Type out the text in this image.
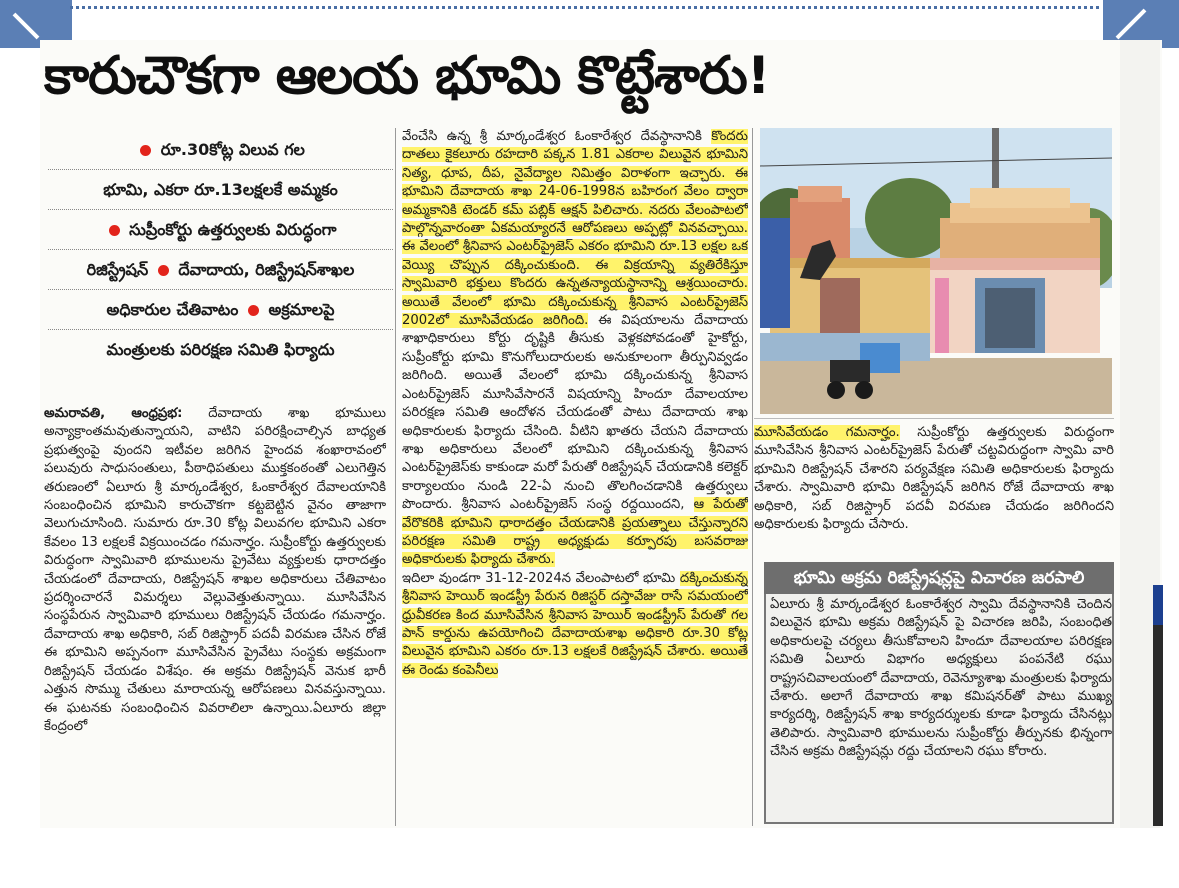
కారుచౌకగా ఆలయ భూమి కొట్టేశారు!
రూ.30కోట్ల విలువ గల
భూమి, ఎకరా రూ.13లక్షలకే అమ్మకం
సుప్రీంకోర్టు ఉత్తర్వులకు విరుద్ధంగా
రిజిస్ట్రేషన్ దేవాదాయ, రిజిస్ట్రేషన్‌శాఖల
అధికారుల చేతివాటం అక్రమాలపై
మంత్రులకు పరిరక్షణ సమితి ఫిర్యాదు

అమరావతి, ఆంధ్రప్రభ: దేవాదాయ శాఖ భూములు అన్యాక్రాంతమవుతున్నాయని, వాటిని పరిరక్షించాల్సిన బాధ్యత ప్రభుత్వంపై వుందని ఇటీవల జరిగిన హైందవ శంఖారావంలో పలువురు సాధుసంతులు, పీఠాధిపతులు ముక్తకంఠంతో ఎలుగెత్తిన తరుణంలో ఏలూరు శ్రీ మార్కండేశ్వర, ఓంకారేశ్వర దేవాలయానికి సంబంధించిన భూమిని కారుచౌకగా కట్టబెట్టిన వైనం తాజాగా వెలుగుచూసింది. సుమారు రూ.30 కోట్ల విలువగల భూమిని ఎకరా కేవలం 13 లక్షలకే విక్రయించడం గమనార్హం. సుప్రీంకోర్టు ఉత్తర్వులకు విరుద్ధంగా స్వామివారి భూములను ప్రైవేటు వ్యక్తులకు ధారాదత్తం చేయడంలో దేవాదాయ, రిజిస్ట్రేషన్ శాఖల అధికారులు చేతివాటం ప్రదర్శించారనే విమర్శలు వెల్లువెత్తుతున్నాయి. మూసివేసిన సంస్థపేరున స్వామివారి భూములు రిజిస్ట్రేషన్ చేయడం గమనార్హం. దేవాదాయ శాఖ అధికారి, సబ్ రిజిస్ట్రార్ పదవీ విరమణ చేసిన రోజే ఈ భూమిని అప్పనంగా మూసివేసిన ప్రైవేటు సంస్థకు అక్రమంగా రిజిస్ట్రేషన్ చేయడం విశేషం. ఈ అక్రమ రిజిస్ట్రేషన్ వెనుక భారీ ఎత్తున సొమ్ము చేతులు మారాయన్న ఆరోపణలు వినవస్తున్నాయి. ఈ ఘటనకు సంబంధించిన వివరాలిలా ఉన్నాయి.ఏలూరు జిల్లా కేంద్రంలో

వేంచేసి ఉన్న శ్రీ మార్కండేశ్వర ఓంకారేశ్వర దేవస్థానానికి కొందరు దాతలు కైకలూరు రహదారి పక్కన 1.81 ఎకరాల విలువైన భూమిని నిత్య, ధూప, దీప, నైవేద్యాల నిమిత్తం విరాళంగా ఇచ్చారు. ఈ భూమిని దేవాదాయ శాఖ 24-06-1998న బహిరంగ వేలం ద్వారా అమ్మకానికి టెండర్ కమ్ పబ్లిక్ ఆక్షన్ పిలిచారు. నదరు వేలంపాటలో పాల్గొన్నవారంతా ఏకమయ్యారనే ఆరోపణలు అప్పట్లో వినవచ్చాయి. ఈ వేలంలో శ్రీనివాస ఎంటర్‌ప్రైజెస్ ఎకరం భూమిని రూ.13 లక్షల ఒక వెయ్యి చొప్పున దక్కించుకుంది. ఈ విక్రయాన్ని వ్యతిరేకిస్తూ స్వామివారి భక్తులు కొందరు ఉన్నతన్యాయస్థానాన్ని ఆశ్రయించారు. అయితే వేలంలో భూమి దక్కించుకున్న శ్రీనివాస ఎంటర్‌ప్రైజెస్ 2002లో మూసివేయడం జరిగింది. ఈ విషయాలను దేవాదాయ శాఖాధికారులు కోర్టు దృష్టికి తీసుకు వెళ్లకపోవడంతో హైకోర్టు, సుప్రీంకోర్టు భూమి కొనుగోలుదారులకు అనుకూలంగా తీర్పునివ్వడం జరిగింది. అయితే వేలంలో భూమి దక్కించుకున్న శ్రీనివాస ఎంటర్‌ప్రైజెస్ మూసివేసారనే విషయాన్ని హిందూ దేవాలయాల పరిరక్షణ సమితి ఆందోళన చేయడంతో పాటు దేవాదాయ శాఖ అధికారులకు ఫిర్యాదు చేసింది. వీటిని ఖాతరు చేయని దేవాదాయ శాఖ అధికారులు వేలంలో భూమిని దక్కించుకున్న శ్రీనివాస ఎంటర్‌ప్రైజెస్‌కు కాకుండా మరో పేరుతో రిజిస్ట్రేషన్ చేయడానికి కలెక్టర్ కార్యాలయం నుండి 22-ఏ నుంచి తొలగించడానికి ఉత్తర్వులు పొందారు. శ్రీనివాస ఎంటర్‌ప్రైజెస్ సంస్థ రద్దయిందని, ఆ పేరుతో వేరొకరికి భూమిని ధారాదత్తం చేయడానికి ప్రయత్నాలు చేస్తున్నారని పరిరక్షణ సమితి రాష్ట్ర అధ్యక్షుడు కర్పూరపు బసవరాజు అధికారులకు ఫిర్యాదు చేశారు.

ఇదిలా వుండగా 31-12-2024న వేలంపాటలో భూమి దక్కించుకున్న శ్రీనివాస హెయిర్ ఇండస్ట్రీ పేరున రిజిస్టర్ దస్తావేజు రాసే సమయంలో ధ్రువీకరణ కింద మూసివేసిన శ్రీనివాస హెయిర్ ఇండస్ట్రీస్ పేరుతో గల పాన్ కార్డును ఉపయోగించి దేవాదాయశాఖ అధికారి రూ.30 కోట్ల విలువైన భూమిని ఎకరం రూ.13 లక్షలకే రిజిస్ట్రేషన్ చేశారు. అయితే ఈ రెండు కంపెనీలు

మూసివేయడం గమనార్హం. సుప్రీంకోర్టు ఉత్తర్వులకు విరుద్ధంగా మూసివేసిన శ్రీనివాస ఎంటర్‌ప్రైజెస్ పేరుతో చట్టవిరుద్ధంగా స్వామి వారి భూమిని రిజిస్ట్రేషన్ చేశారని పర్యవేక్షణ సమితి అధికారులకు ఫిర్యాదు చేశారు. స్వామివారి భూమి రిజిస్ట్రేషన్ జరిగిన రోజే దేవాదాయ శాఖ అధికారి, సబ్ రిజిస్ట్రార్ పదవీ విరమణ చేయడం జరిగిందని అధికారులకు ఫిర్యాదు చేసారు.

భూమి అక్రమ రిజిస్ట్రేషన్లపై విచారణ జరపాలి

ఏలూరు శ్రీ మార్కండేశ్వర ఓంకారేశ్వర స్వామి దేవస్థానానికి చెందిన విలువైన భూమి అక్రమ రిజిస్ట్రేషన్ పై విచారణ జరిపి, సంబంధిత అధికారులపై చర్యలు తీసుకోవాలని హిందూ దేవాలయాల పరిరక్షణ సమితి ఏలూరు విభాగం అధ్యక్షులు పంపనేటి రఘు రాష్ట్రసచివాలయంలో దేవాదాయ, రెవెన్యూశాఖ మంత్రులకు ఫిర్యాదు చేశారు. అలాగే దేవాదాయ శాఖ కమిషనర్‌తో పాటు ముఖ్య కార్యదర్శి, రిజిస్ట్రేషన్ శాఖ కార్యదర్శులకు కూడా ఫిర్యాదు చేసినట్లు తెలిపారు. స్వామివారి భూములను సుప్రీంకోర్టు తీర్పునకు భిన్నంగా చేసిన అక్రమ రిజిస్ట్రేషన్లు రద్దు చేయాలని రఘు కోరారు.
